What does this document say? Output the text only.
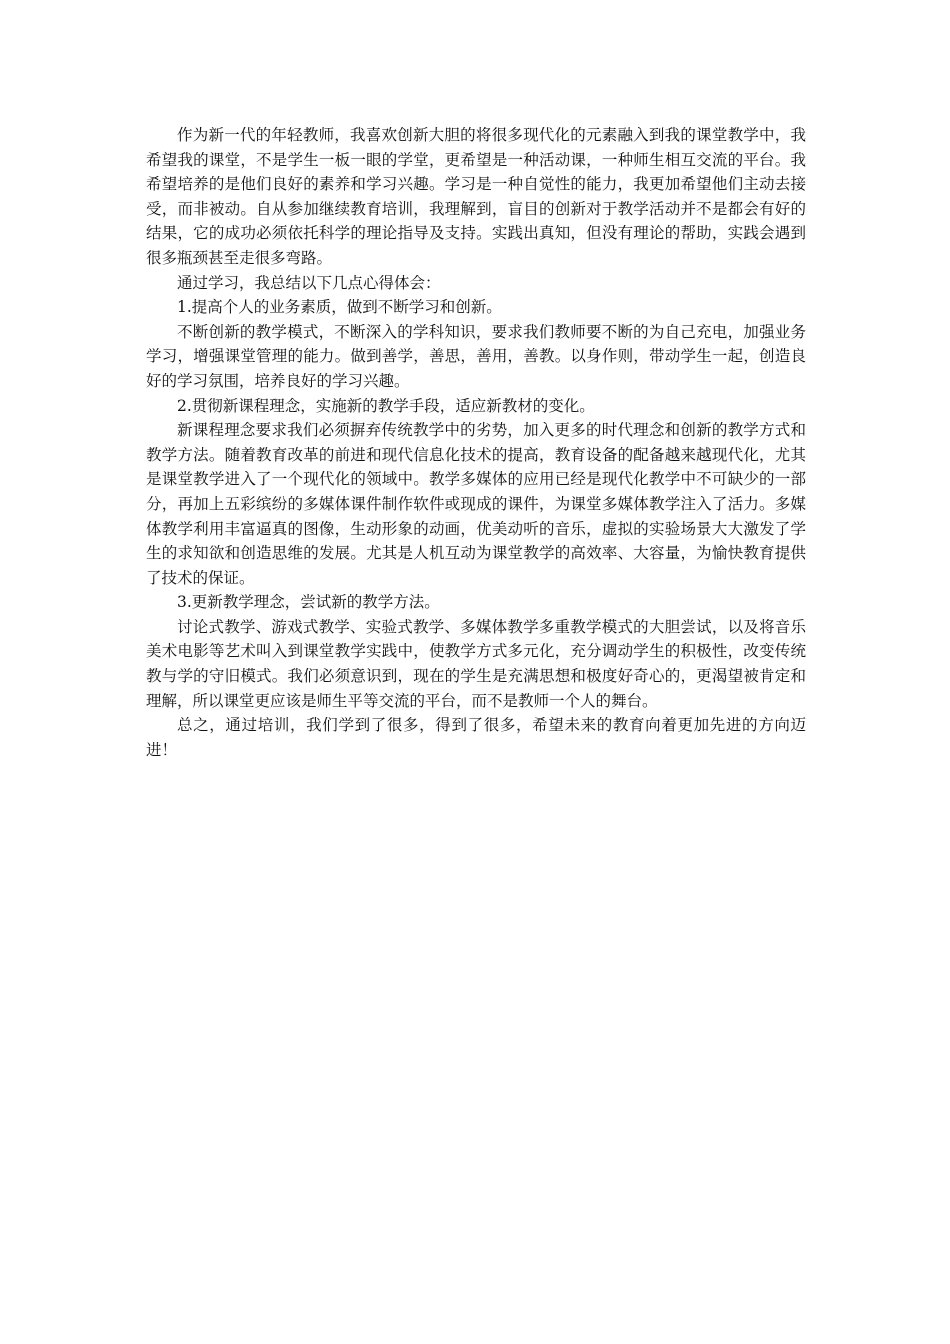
作为新一代的年轻教师，我喜欢创新大胆的将很多现代化的元素融入到我的课堂教学中，我希望我的课堂，不是学生一板一眼的学堂，更希望是一种活动课，一种师生相互交流的平台。我希望培养的是他们良好的素养和学习兴趣。学习是一种自觉性的能力，我更加希望他们主动去接受，而非被动。自从参加继续教育培训，我理解到，盲目的创新对于教学活动并不是都会有好的结果，它的成功必须依托科学的理论指导及支持。实践出真知，但没有理论的帮助，实践会遇到很多瓶颈甚至走很多弯路。

通过学习，我总结以下几点心得体会：

1.提高个人的业务素质，做到不断学习和创新。

不断创新的教学模式，不断深入的学科知识，要求我们教师要不断的为自己充电，加强业务学习，增强课堂管理的能力。做到善学，善思，善用，善教。以身作则，带动学生一起，创造良好的学习氛围，培养良好的学习兴趣。

2.贯彻新课程理念，实施新的教学手段，适应新教材的变化。

新课程理念要求我们必须摒弃传统教学中的劣势，加入更多的时代理念和创新的教学方式和教学方法。随着教育改革的前进和现代信息化技术的提高，教育设备的配备越来越现代化，尤其是课堂教学进入了一个现代化的领域中。教学多媒体的应用已经是现代化教学中不可缺少的一部分，再加上五彩缤纷的多媒体课件制作软件或现成的课件，为课堂多媒体教学注入了活力。多媒体教学利用丰富逼真的图像，生动形象的动画，优美动听的音乐，虚拟的实验场景大大激发了学生的求知欲和创造思维的发展。尤其是人机互动为课堂教学的高效率、大容量，为愉快教育提供了技术的保证。

3.更新教学理念，尝试新的教学方法。

讨论式教学、游戏式教学、实验式教学、多媒体教学多重教学模式的大胆尝试，以及将音乐美术电影等艺术叫入到课堂教学实践中，使教学方式多元化，充分调动学生的积极性，改变传统教与学的守旧模式。我们必须意识到，现在的学生是充满思想和极度好奇心的，更渴望被肯定和理解，所以课堂更应该是师生平等交流的平台，而不是教师一个人的舞台。

总之，通过培训，我们学到了很多，得到了很多，希望未来的教育向着更加先进的方向迈进！
